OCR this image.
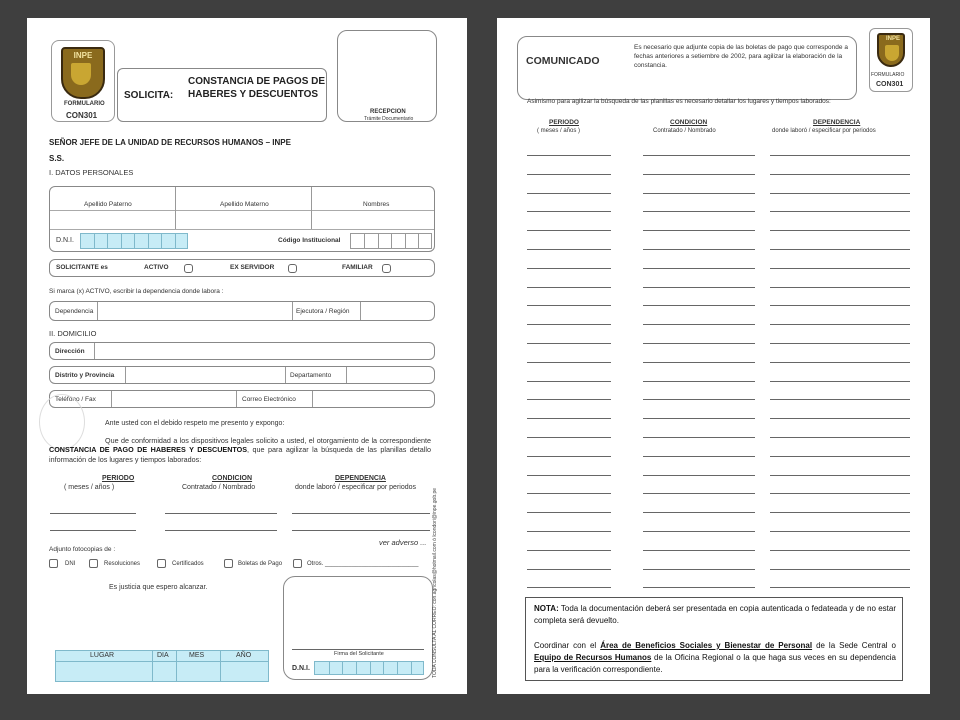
INPE
FORMULARIO
CON301
SOLICITA:
CONSTANCIA DE PAGOS DE HABERES Y DESCUENTOS
RECEPCION
Trámite Documentario
SEÑOR JEFE DE LA UNIDAD DE RECURSOS HUMANOS – INPE
S.S.
I. DATOS PERSONALES
Apellido Paterno	Apellido Materno	Nombres
D.N.I.	Código Institucional
SOLICITANTE es	ACTIVO	EX SERVIDOR	FAMILIAR
Si marca (x) ACTIVO, escribir la dependencia donde labora :
Dependencia	Ejecutora / Región
II. DOMICILIO
Dirección
Distrito y Provincia	Departamento
Teléfono / Fax	Correo Electrónico
Ante usted con el debido respeto me presento y expongo:
Que de conformidad a los dispositivos legales solicito a usted, el otorgamiento de la correspondiente CONSTANCIA DE PAGO DE HABERES Y DESCUENTOS, que para agilizar la búsqueda de las planillas detallo información de los lugares y tiempos laborados:
PERIODO
( meses / años )
CONDICION
Contratado / Nombrado
DEPENDENCIA
donde laboró / especificar por periodos
ver adverso ...
Adjunto fotocopias de :
DNI	Resoluciones	Certificados	Boletas de Pago	Otros. ____________________________
Es justicia que espero alcanzar.
Firma del Solicitante
D.N.I.
LUGAR	DIA	MES	AÑO	TODA CONSULTA AL CORREO: con.agricolas@hotmail.com ó lcondori@inpe.gob.pe
COMUNICADO
Es necesario que adjunte copia de las boletas de pago que corresponde a fechas anteriores a setiembre de 2002, para agilizar la elaboración de la constancia.
INPE
FORMULARIO
CON301
Asimismo para agilizar la búsqueda de las planillas es necesario detallar los lugares y tiempos laborados:
PERIODO
( meses / años )
CONDICION
Contratado / Nombrado
DEPENDENCIA
donde laboró / especificar por periodos
NOTA: Toda la documentación deberá ser presentada en copia autenticada o fedateada y de no estar completa será devuelto.
Coordinar con el Área de Beneficios Sociales y Bienestar de Personal de la Sede Central o Equipo de Recursos Humanos de la Oficina Regional o la que haga sus veces en su dependencia para la verificación correspondiente.
